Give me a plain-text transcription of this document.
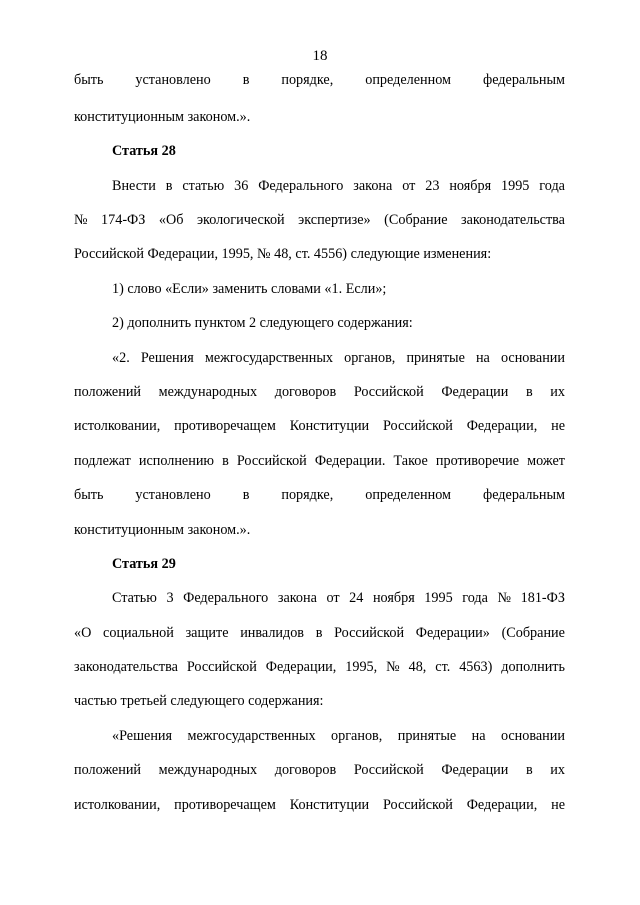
18
быть установлено в порядке, определенном федеральным
конституционным законом.».
Статья 28
Внести в статью 36 Федерального закона от 23 ноября 1995 года
№ 174-ФЗ «Об экологической экспертизе» (Собрание законодательства
Российской Федерации, 1995, № 48, ст. 4556) следующие изменения:
1) слово «Если» заменить словами «1. Если»;
2) дополнить пунктом 2 следующего содержания:
«2. Решения межгосударственных органов, принятые на основании
положений международных договоров Российской Федерации в их
истолковании, противоречащем Конституции Российской Федерации, не
подлежат исполнению в Российской Федерации. Такое противоречие может
быть установлено в порядке, определенном федеральным
конституционным законом.».
Статья 29
Статью 3 Федерального закона от 24 ноября 1995 года № 181-ФЗ
«О социальной защите инвалидов в Российской Федерации» (Собрание
законодательства Российской Федерации, 1995, № 48, ст. 4563) дополнить
частью третьей следующего содержания:
«Решения межгосударственных органов, принятые на основании
положений международных договоров Российской Федерации в их
истолковании, противоречащем Конституции Российской Федерации, не
